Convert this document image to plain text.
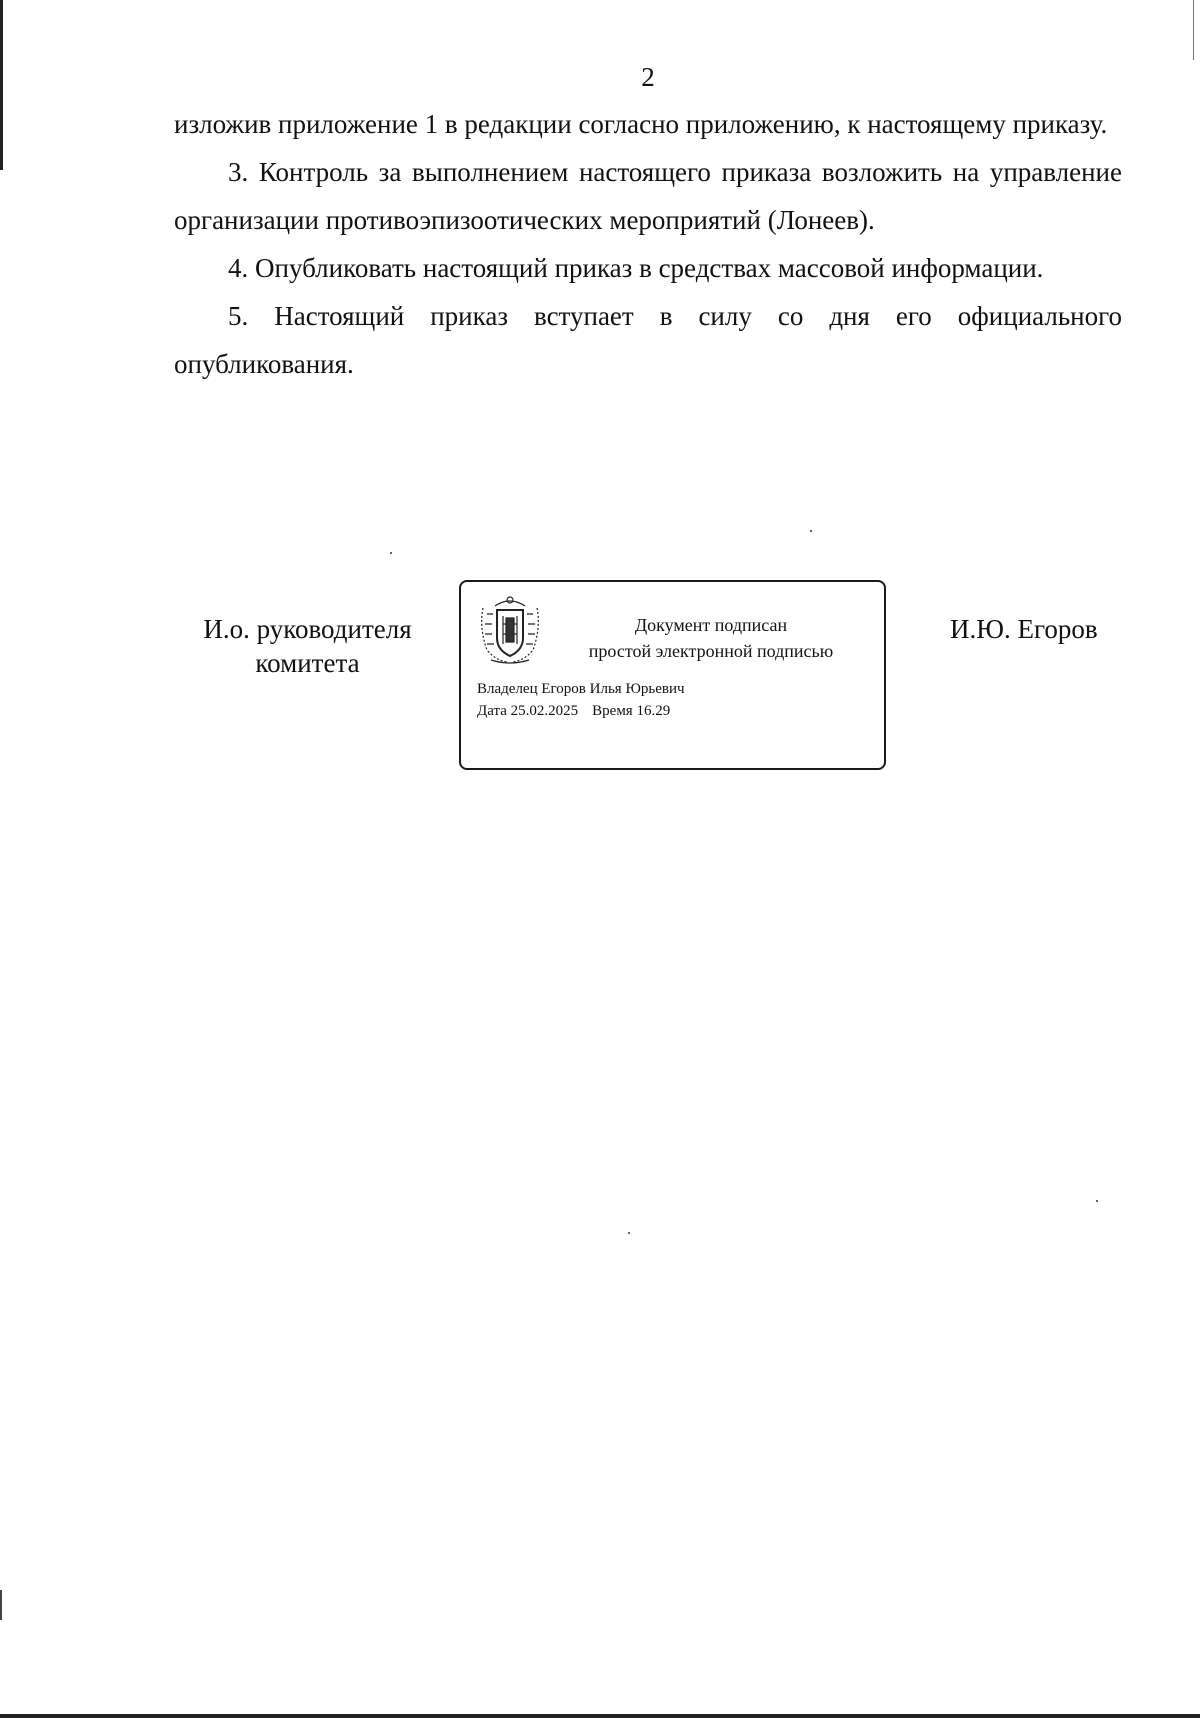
2

изложив приложение 1 в редакции согласно приложению, к настоящему приказу.

3. Контроль за выполнением настоящего приказа возложить на управление организации противоэпизоотических мероприятий (Лонеев).

4. Опубликовать настоящий приказ в средствах массовой информации.

5. Настоящий приказ вступает в силу со дня его официального опубликования.

И.о. руководителя
комитета
Документ подписан
простой электронной подписью
Владелец Егоров Илья Юрьевич
Дата 25.02.2025 Время 16.29
И.Ю. Егоров
